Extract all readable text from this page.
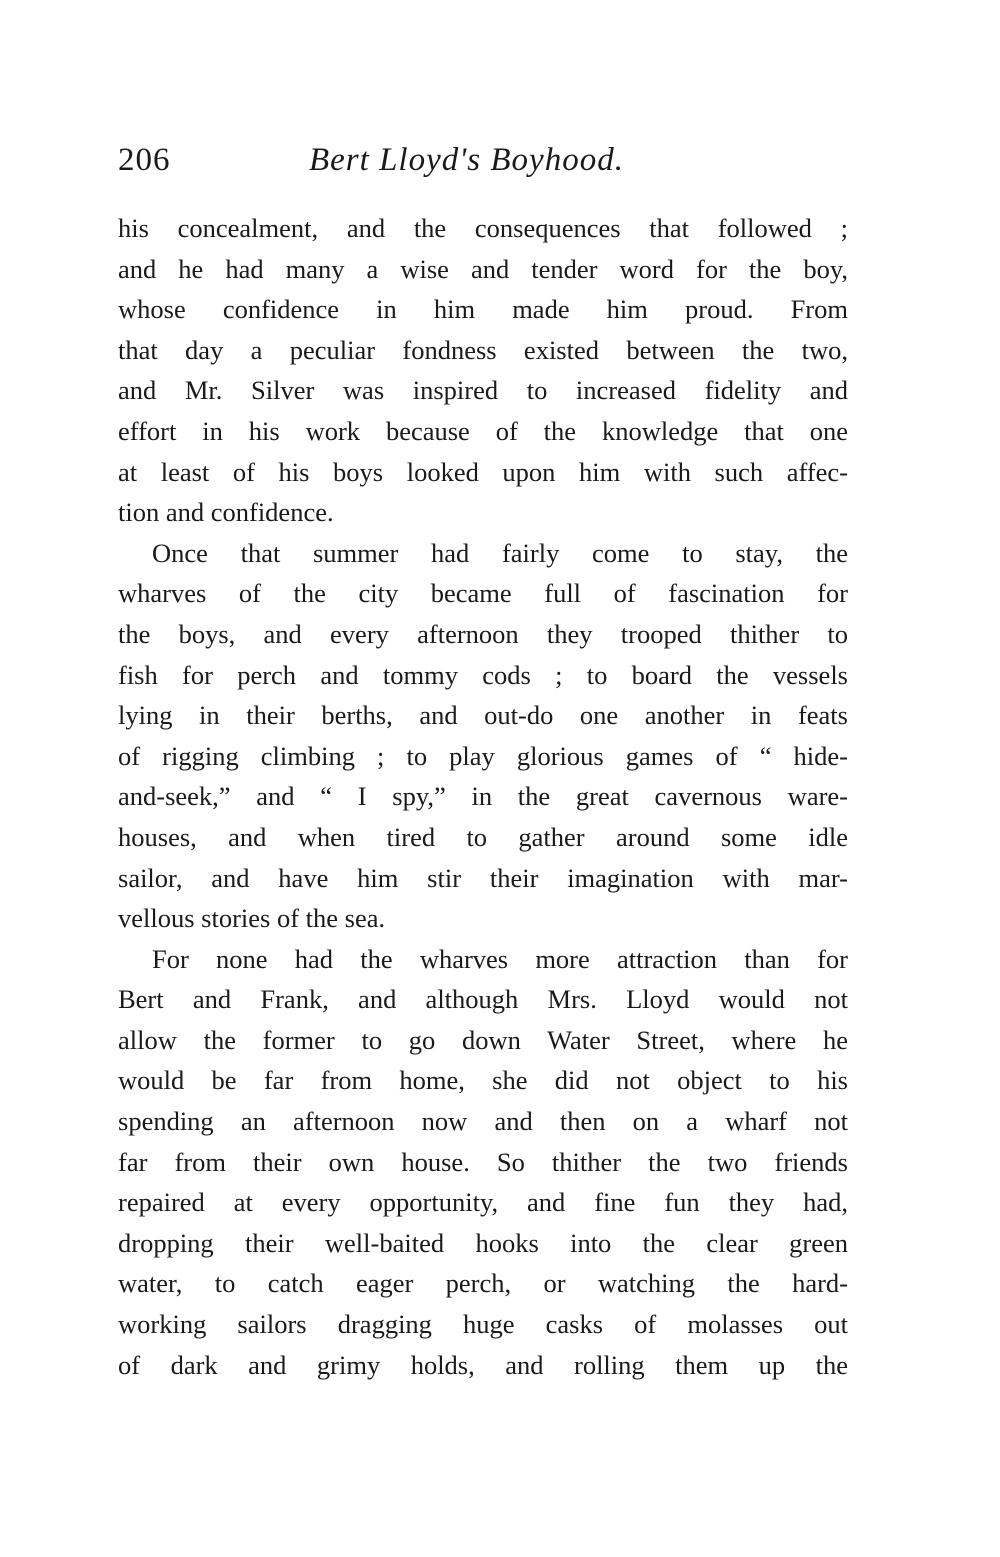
206	Bert Lloyd's Boyhood.
his concealment, and the consequences that followed ;
and he had many a wise and tender word for the boy,
whose confidence in him made him proud. From
that day a peculiar fondness existed between the two,
and Mr. Silver was inspired to increased fidelity and
effort in his work because of the knowledge that one
at least of his boys looked upon him with such affec-
tion and confidence.
Once that summer had fairly come to stay, the
wharves of the city became full of fascination for
the boys, and every afternoon they trooped thither to
fish for perch and tommy cods ; to board the vessels
lying in their berths, and out-do one another in feats
of rigging climbing ; to play glorious games of “ hide-
and-seek,” and “ I spy,” in the great cavernous ware-
houses, and when tired to gather around some idle
sailor, and have him stir their imagination with mar-
vellous stories of the sea.
For none had the wharves more attraction than for
Bert and Frank, and although Mrs. Lloyd would not
allow the former to go down Water Street, where he
would be far from home, she did not object to his
spending an afternoon now and then on a wharf not
far from their own house. So thither the two friends
repaired at every opportunity, and fine fun they had,
dropping their well-baited hooks into the clear green
water, to catch eager perch, or watching the hard-
working sailors dragging huge casks of molasses out
of dark and grimy holds, and rolling them up the
